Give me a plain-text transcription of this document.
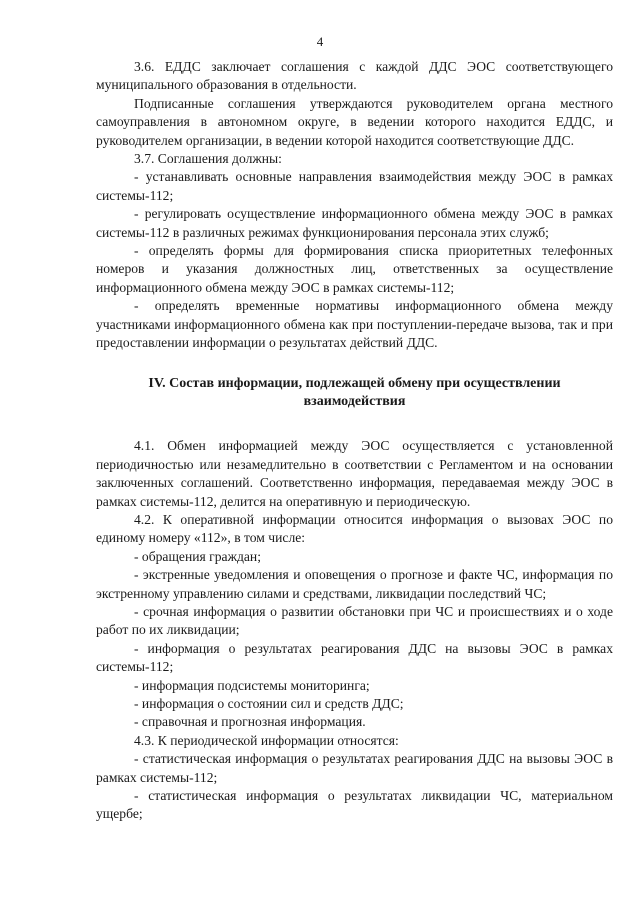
4

3.6. ЕДДС заключает соглашения с каждой ДДС ЭОС соответствующего муниципального образования в отдельности.

Подписанные соглашения утверждаются руководителем органа местного самоуправления в автономном округе, в ведении которого находится ЕДДС, и руководителем организации, в ведении которой находится соответствующие ДДС.

3.7. Соглашения должны:

- устанавливать основные направления взаимодействия между ЭОС в рамках системы-112;

- регулировать осуществление информационного обмена между ЭОС в рамках системы-112 в различных режимах функционирования персонала этих служб;

- определять формы для формирования списка приоритетных телефонных номеров и указания должностных лиц, ответственных за осуществление информационного обмена между ЭОС в рамках системы-112;

- определять временные нормативы информационного обмена между участниками информационного обмена как при поступлении-передаче вызова, так и при предоставлении информации о результатах действий ДДС.

IV. Состав информации, подлежащей обмену при осуществлении взаимодействия

4.1. Обмен информацией между ЭОС осуществляется с установленной периодичностью или незамедлительно в соответствии с Регламентом и на основании заключенных соглашений. Соответственно информация, передаваемая между ЭОС в рамках системы-112, делится на оперативную и периодическую.

4.2. К оперативной информации относится информация о вызовах ЭОС по единому номеру «112», в том числе:

- обращения граждан;

- экстренные уведомления и оповещения о прогнозе и факте ЧС, информация по экстренному управлению силами и средствами, ликвидации последствий ЧС;

- срочная информация о развитии обстановки при ЧС и происшествиях и о ходе работ по их ликвидации;

- информация о результатах реагирования ДДС на вызовы ЭОС в рамках системы-112;

- информация подсистемы мониторинга;

- информация о состоянии сил и средств ДДС;

- справочная и прогнозная информация.

4.3. К периодической информации относятся:

- статистическая информация о результатах реагирования ДДС на вызовы ЭОС в рамках системы-112;

- статистическая информация о результатах ликвидации ЧС, материальном ущербе;
